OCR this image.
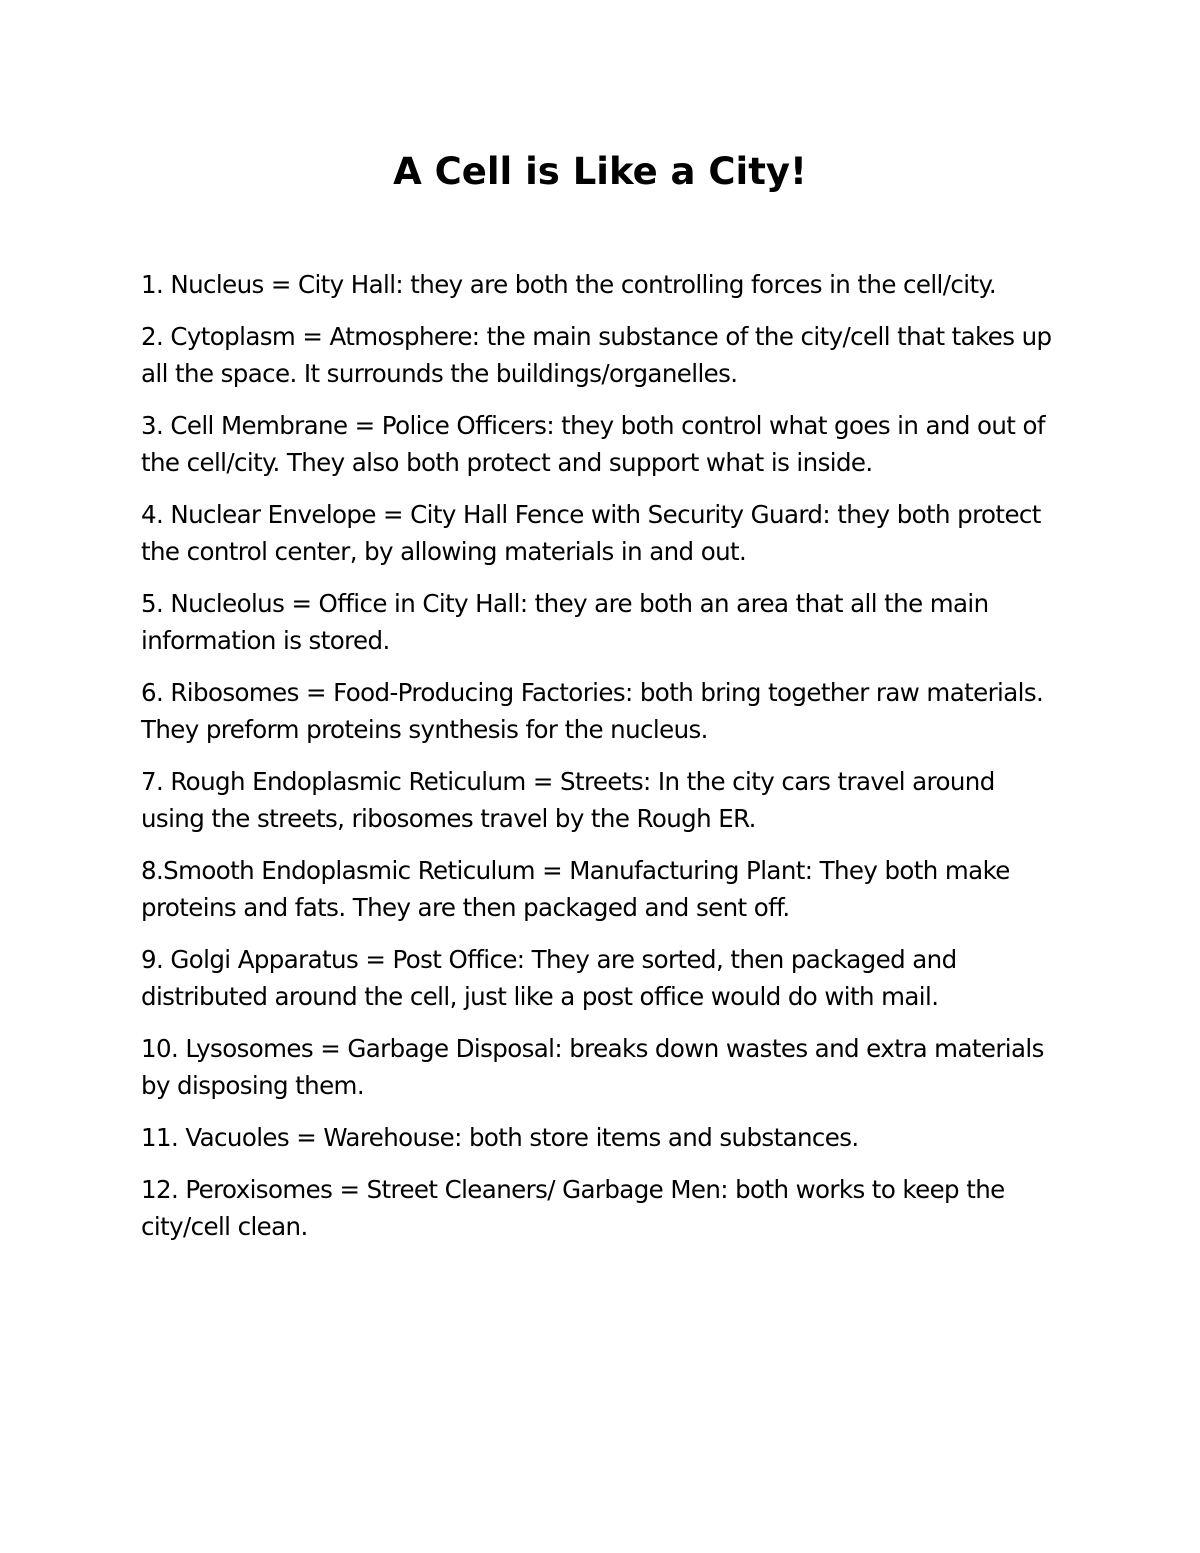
A Cell is Like a City!
1. Nucleus = City Hall: they are both the controlling forces in the cell/city.
2. Cytoplasm = Atmosphere: the main substance of the city/cell that takes up all the space. It surrounds the buildings/organelles.
3. Cell Membrane = Police Officers: they both control what goes in and out of the cell/city. They also both protect and support what is inside.
4. Nuclear Envelope = City Hall Fence with Security Guard: they both protect the control center, by allowing materials in and out.
5. Nucleolus = Office in City Hall: they are both an area that all the main information is stored.
6. Ribosomes = Food-Producing Factories: both bring together raw materials. They preform proteins synthesis for the nucleus.
7. Rough Endoplasmic Reticulum = Streets: In the city cars travel around using the streets, ribosomes travel by the Rough ER.
8.Smooth Endoplasmic Reticulum = Manufacturing Plant: They both make proteins and fats. They are then packaged and sent off.
9. Golgi Apparatus = Post Office: They are sorted, then packaged and distributed around the cell, just like a post office would do with mail.
10. Lysosomes = Garbage Disposal: breaks down wastes and extra materials by disposing them.
11. Vacuoles = Warehouse: both store items and substances.
12. Peroxisomes = Street Cleaners/ Garbage Men: both works to keep the city/cell clean.
